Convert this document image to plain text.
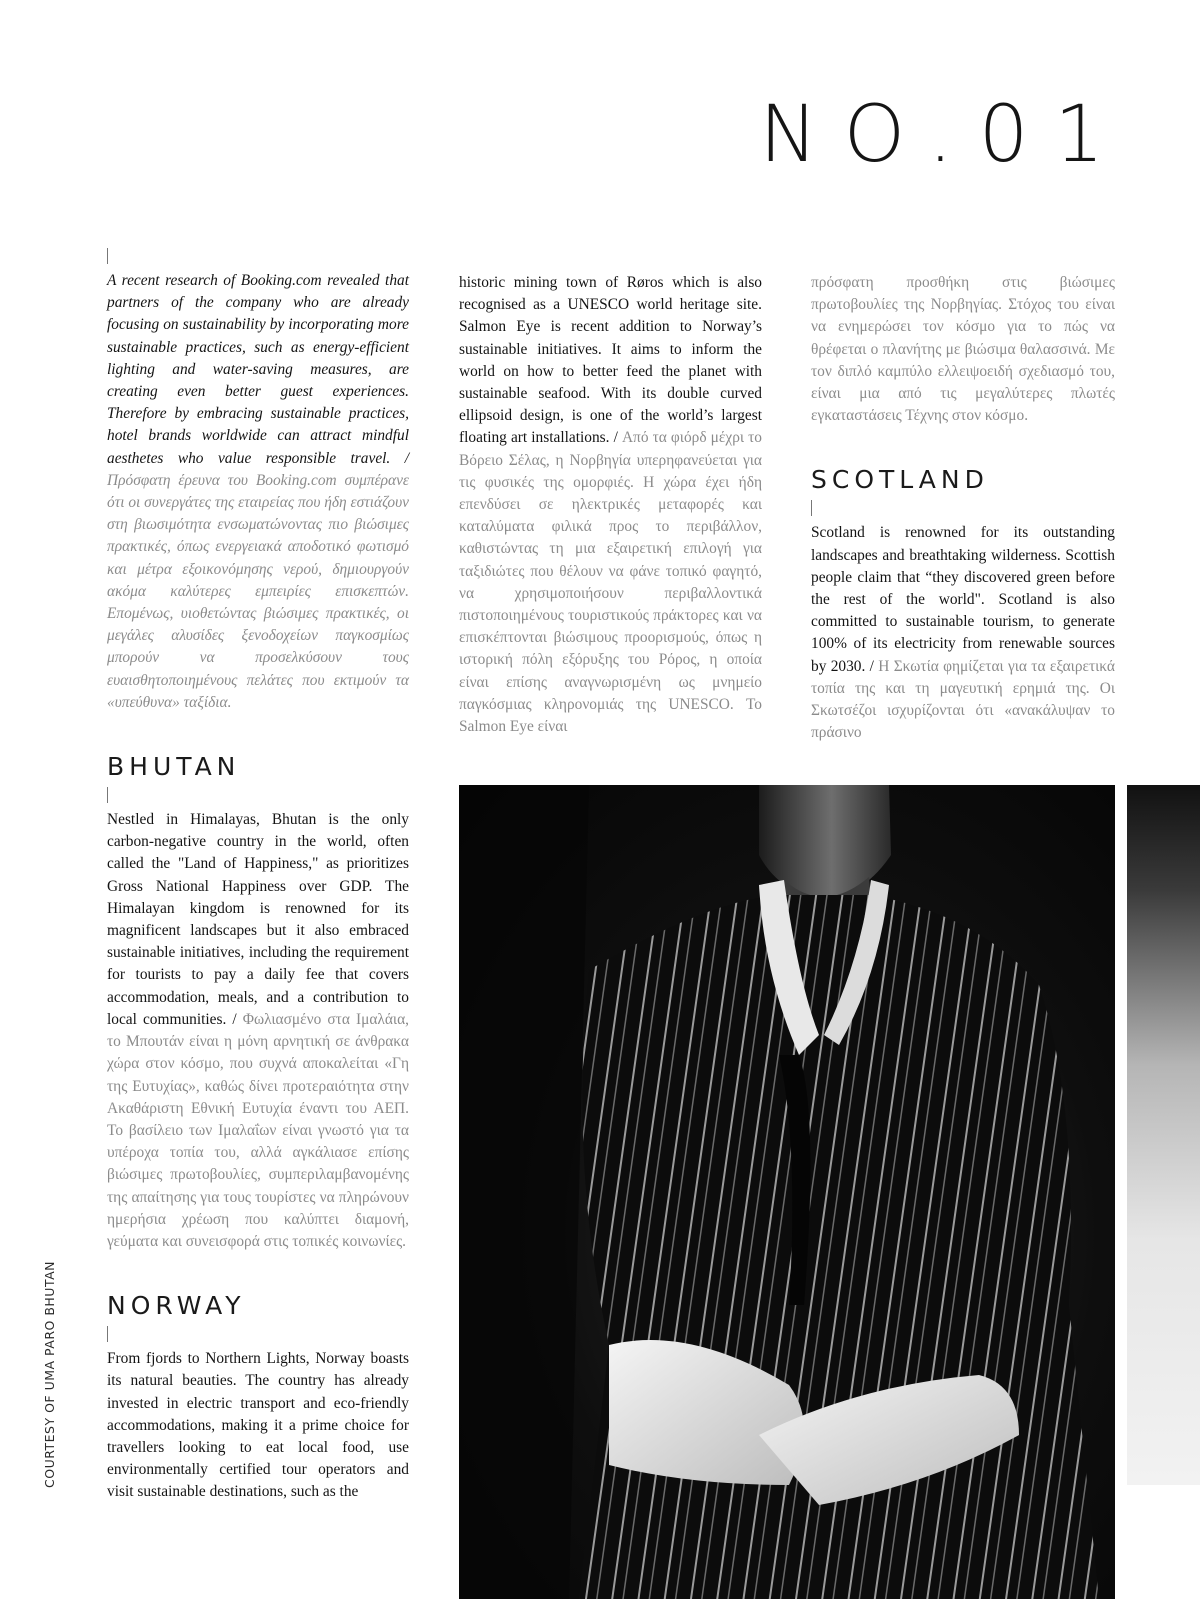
NO.01

A recent research of Booking.com revealed that partners of the company who are already focusing on sustainability by incorporating more sustainable practices, such as energy-efficient lighting and water-saving measures, are creating even better guest experiences. Therefore by embracing sustainable practices, hotel brands worldwide can attract mindful aesthetes who value responsible travel. / Πρόσφατη έρευνα του Booking.com συμπέρανε ότι οι συνεργάτες της εταιρείας που ήδη εστιάζουν στη βιωσιμότητα ενσωματώνοντας πιο βιώσιμες πρακτικές, όπως ενεργειακά αποδοτικό φωτισμό και μέτρα εξοικονόμησης νερού, δημιουργούν ακόμα καλύτερες εμπειρίες επισκεπτών. Επομένως, υιοθετώντας βιώσιμες πρακτικές, οι μεγάλες αλυσίδες ξενοδοχείων παγκοσμίως μπορούν να προσελκύσουν τους ευαισθητοποιημένους πελάτες που εκτιμούν τα «υπεύθυνα» ταξίδια.

BHUTAN

Nestled in Himalayas, Bhutan is the only carbon-negative country in the world, often called the "Land of Happiness," as prioritizes Gross National Happiness over GDP. The Himalayan kingdom is renowned for its magnificent landscapes but it also embraced sustainable initiatives, including the requirement for tourists to pay a daily fee that covers accommodation, meals, and a contribution to local communities. / Φωλιασμένο στα Ιμαλάια, το Μπουτάν είναι η μόνη αρνητική σε άνθρακα χώρα στον κόσμο, που συχνά αποκαλείται «Γη της Ευτυχίας», καθώς δίνει προτεραιότητα στην Ακαθάριστη Εθνική Ευτυχία έναντι του ΑΕΠ. Το βασίλειο των Ιμαλαΐων είναι γνωστό για τα υπέροχα τοπία του, αλλά αγκάλιασε επίσης βιώσιμες πρωτοβουλίες, συμπεριλαμβανομένης της απαίτησης για τους τουρίστες να πληρώνουν ημερήσια χρέωση που καλύπτει διαμονή, γεύματα και συνεισφορά στις τοπικές κοινωνίες.

NORWAY

From fjords to Northern Lights, Norway boasts its natural beauties. The country has already invested in electric transport and eco-friendly accommodations, making it a prime choice for travellers looking to eat local food, use environmentally certified tour operators and visit sustainable destinations, such as the

historic mining town of Røros which is also recognised as a UNESCO world heritage site. Salmon Eye is recent addition to Norway’s sustainable initiatives. It aims to inform the world on how to better feed the planet with sustainable seafood. With its double curved ellipsoid design, is one of the world’s largest floating art installations. / Από τα φιόρδ μέχρι το Βόρειο Σέλας, η Νορβηγία υπερηφανεύεται για τις φυσικές της ομορφιές. Η χώρα έχει ήδη επενδύσει σε ηλεκτρικές μεταφορές και καταλύματα φιλικά προς το περιβάλλον, καθιστώντας τη μια εξαιρετική επιλογή για ταξιδιώτες που θέλουν να φάνε τοπικό φαγητό, να χρησιμοποιήσουν περιβαλλοντικά πιστοποιημένους τουριστικούς πράκτορες και να επισκέπτονται βιώσιμους προορισμούς, όπως η ιστορική πόλη εξόρυξης του Ρόρος, η οποία είναι επίσης αναγνωρισμένη ως μνημείο παγκόσμιας κληρονομιάς της UNESCO. Το Salmon Eye είναι

πρόσφατη προσθήκη στις βιώσιμες πρωτοβουλίες της Νορβηγίας. Στόχος του είναι να ενημερώσει τον κόσμο για το πώς να θρέφεται ο πλανήτης με βιώσιμα θαλασσινά. Με τον διπλό καμπύλο ελλειψοειδή σχεδιασμό του, είναι μια από τις μεγαλύτερες πλωτές εγκαταστάσεις Τέχνης στον κόσμο.

SCOTLAND

Scotland is renowned for its outstanding landscapes and breathtaking wilderness. Scottish people claim that “they discovered green before the rest of the world". Scotland is also committed to sustainable tourism, to generate 100% of its electricity from renewable sources by 2030. / Η Σκωτία φημίζεται για τα εξαιρετικά τοπία της και τη μαγευτική ερημιά της. Οι Σκωτσέζοι ισχυρίζονται ότι «ανακάλυψαν το πράσινο

COURTESY OF UMA PARO BHUTAN
